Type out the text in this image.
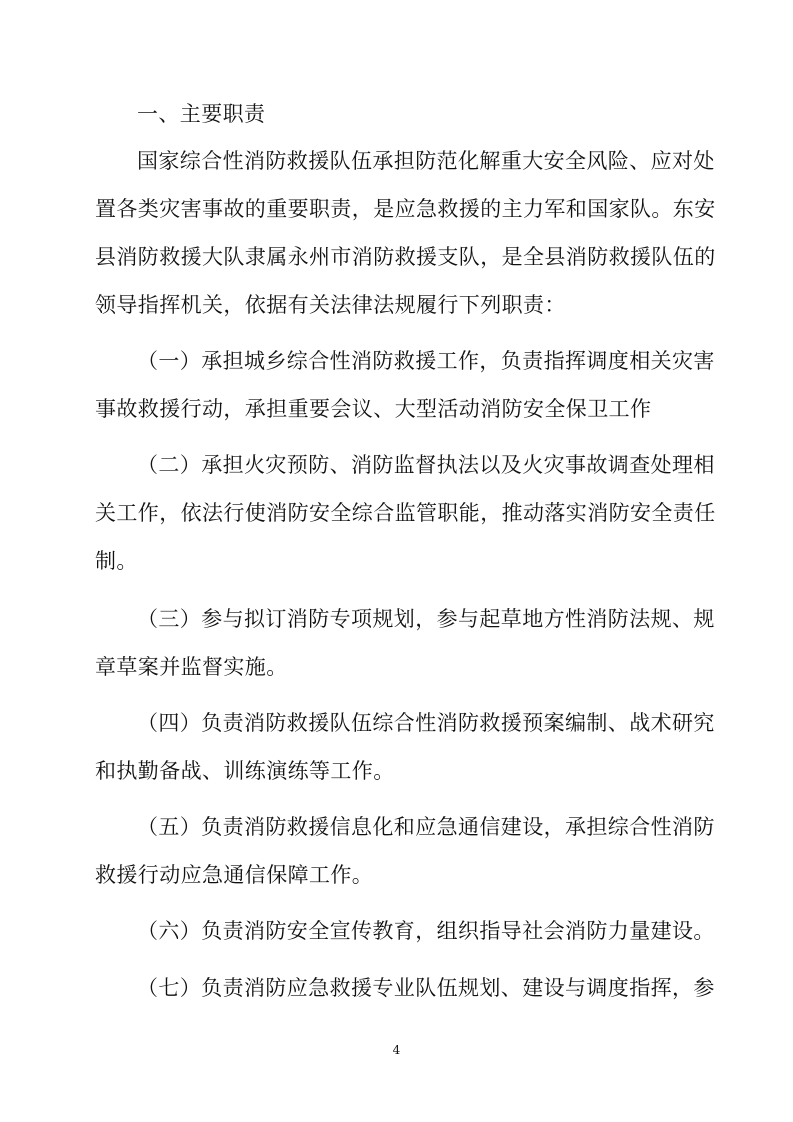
一、主要职责
国家综合性消防救援队伍承担防范化解重大安全风险、应对处
置各类灾害事故的重要职责，是应急救援的主力军和国家队。东安
县消防救援大队隶属永州市消防救援支队，是全县消防救援队伍的
领导指挥机关，依据有关法律法规履行下列职责：
（一）承担城乡综合性消防救援工作，负责指挥调度相关灾害
事故救援行动，承担重要会议、大型活动消防安全保卫工作
（二）承担火灾预防、消防监督执法以及火灾事故调查处理相
关工作，依法行使消防安全综合监管职能，推动落实消防安全责任
制。
（三）参与拟订消防专项规划，参与起草地方性消防法规、规
章草案并监督实施。
（四）负责消防救援队伍综合性消防救援预案编制、战术研究
和执勤备战、训练演练等工作。
（五）负责消防救援信息化和应急通信建设，承担综合性消防
救援行动应急通信保障工作。
（六）负责消防安全宣传教育，组织指导社会消防力量建设。
（七）负责消防应急救援专业队伍规划、建设与调度指挥，参
4
